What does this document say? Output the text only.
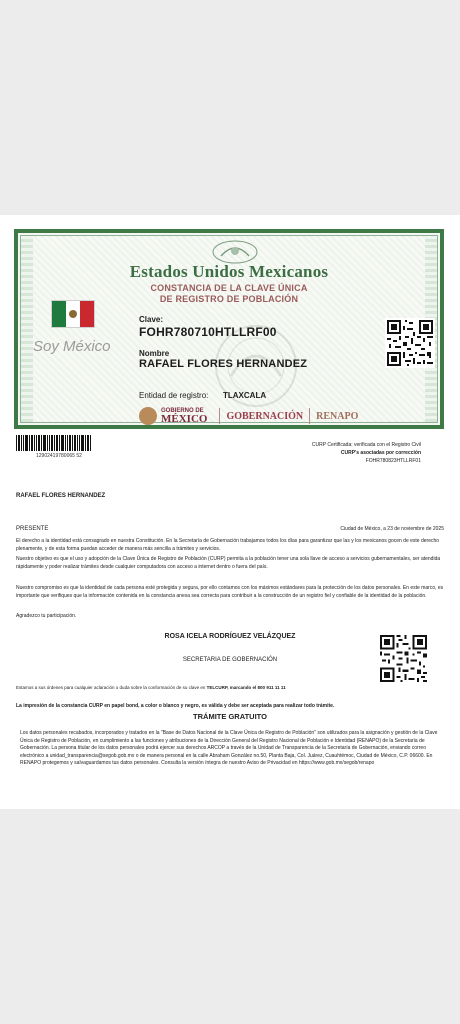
Estados Unidos Mexicanos
CONSTANCIA DE LA CLAVE ÚNICA
DE REGISTRO DE POBLACIÓN
Soy México
Clave:
FOHR780710HTLLRF00
Nombre
RAFAEL FLORES HERNANDEZ
Entidad de registro: TLAXCALA
GOBIERNO DE
MÉXICO GOBERNACIÓN RENAPO
12902419780065 52
CURP Certificada: verificada con el Registro Civil
CURP's asociadas por corrección
FOHR780823HTLLRF01
RAFAEL FLORES HERNANDEZ
PRESENTE	Ciudad de México, a 23 de noviembre de 2025
El derecho a la identidad está consagrado en nuestra Constitución. En la Secretaría de Gobernación trabajamos todos los días para garantizar que las y los mexicanos gocen de este derecho plenamente, y de esta forma puedan acceder de manera más sencilla a trámites y servicios.
Nuestro objetivo es que el uso y adopción de la Clave Única de Registro de Población (CURP) permita a la población tener una sola llave de acceso a servicios gubernamentales, ser atendida rápidamente y poder realizar trámites desde cualquier computadora con acceso a internet dentro o fuera del país.
Nuestro compromiso es que la identidad de cada persona esté protegida y segura, por ello contamos con los máximos estándares para la protección de los datos personales. En este marco, es importante que verifiques que la información contenida en la constancia anexa sea correcta para contribuir a la construcción de un registro fiel y confiable de la identidad de la población.
Agradezco tu participación.
ROSA ICELA RODRÍGUEZ VELÁZQUEZ
SECRETARIA DE GOBERNACIÓN
Estamos a sus órdenes para cualquier aclaración o duda sobre la conformación de su clave en TELCURP, marcando el 800 911 11 11
La impresión de la constancia CURP en papel bond, a color o blanco y negro, es válida y debe ser aceptada para realizar todo trámite.
TRÁMITE GRATUITO
Los datos personales recabados, incorporados y tratados en la "Base de Datos Nacional de la Clave Única de Registro de Población" son utilizados para la asignación y gestión de la Clave Única de Registro de Población, en cumplimiento a las funciones y atribuciones de la Dirección General del Registro Nacional de Población e Identidad (RENAPO) de la Secretaría de Gobernación. La persona titular de los datos personales podrá ejercer sus derechos ARCOP a través de la Unidad de Transparencia de la Secretaría de Gobernación, enviando correo electrónico a unidad_transparencia@segob.gob.mx o de manera personal en la calle Abraham González no.50, Planta Baja, Col. Juárez, Cuauhtémoc, Ciudad de México, C.P. 06600. En RENAPO protegemos y salvaguardamos tus datos personales. Consulta la versión íntegra de nuestro Aviso de Privacidad en https://www.gob.mx/segob/renapo
